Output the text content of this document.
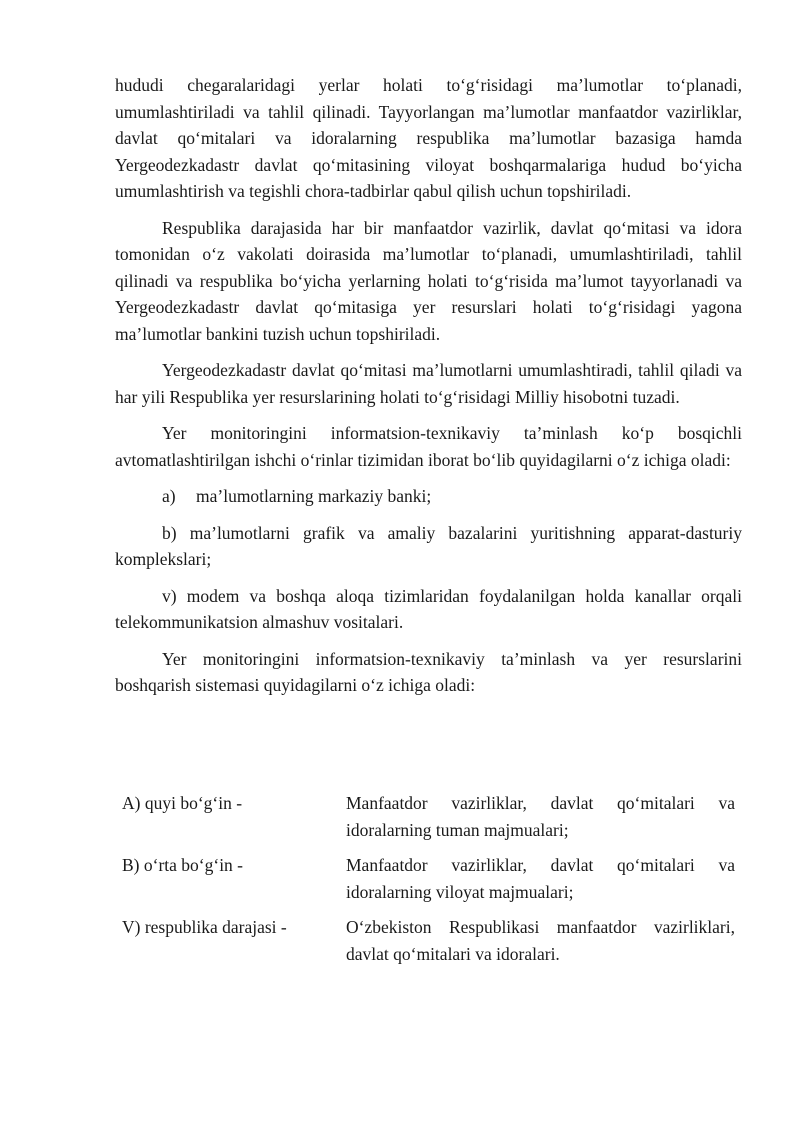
hududi chegaralaridagi yerlar holati to‘g‘risidagi ma’lumotlar to‘planadi, umumlashtiriladi va tahlil qilinadi. Tayyorlangan ma’lumotlar manfaatdor vazirliklar, davlat qo‘mitalari va idoralarning respublika ma’lumotlar bazasiga hamda Yergeodezkadastr davlat qo‘mitasining viloyat boshqarmalariga hudud bo‘yicha umumlashtirish va tegishli chora-tadbirlar qabul qilish uchun topshiriladi.

Respublika darajasida har bir manfaatdor vazirlik, davlat qo‘mitasi va idora tomonidan o‘z vakolati doirasida ma’lumotlar to‘planadi, umumlashtiriladi, tahlil qilinadi va respublika bo‘yicha yerlarning holati to‘g‘risida ma’lumot tayyorlanadi va Yergeodezkadastr davlat qo‘mitasiga yer resurslari holati to‘g‘risidagi yagona ma’lumotlar bankini tuzish uchun topshiriladi.

Yergeodezkadastr davlat qo‘mitasi ma’lumotlarni umumlashtiradi, tahlil qiladi va har yili Respublika yer resurslarining holati to‘g‘risidagi Milliy hisobotni tuzadi.

Yer monitoringini informatsion-texnikaviy ta’minlash ko‘p bosqichli avtomatlashtirilgan ishchi o‘rinlar tizimidan iborat bo‘lib quyidagilarni o‘z ichiga oladi:

a) ma’lumotlarning markaziy banki;

b) ma’lumotlarni grafik va amaliy bazalarini yuritishning apparat-dasturiy komplekslari;

v) modem va boshqa aloqa tizimlaridan foydalanilgan holda kanallar orqali telekommunikatsion almashuv vositalari.

Yer monitoringini informatsion-texnikaviy ta’minlash va yer resurslarini boshqarish sistemasi quyidagilarni o‘z ichiga oladi:

A) quyi bo‘g‘in -	Manfaatdor vazirliklar, davlat qo‘mitalari va idoralarning tuman majmualari;
B) o‘rta bo‘g‘in -	Manfaatdor vazirliklar, davlat qo‘mitalari va idoralarning viloyat majmualari;
V) respublika darajasi -	O‘zbekiston Respublikasi manfaatdor vazirliklari, davlat qo‘mitalari va idoralari.
